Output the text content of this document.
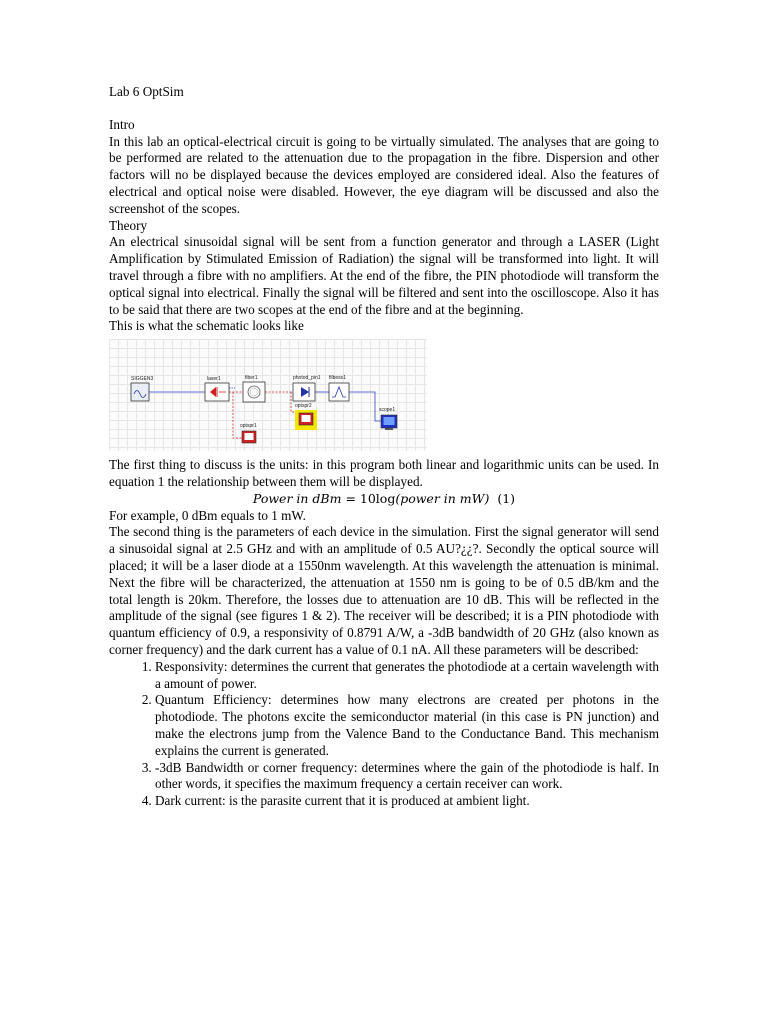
Lab 6 OptSim

Intro

In this lab an optical-electrical circuit is going to be virtually simulated. The analyses that are going to be performed are related to the attenuation due to the propagation in the fibre. Dispersion and other factors will no be displayed because the devices employed are considered ideal. Also the features of electrical and optical noise were disabled. However, the eye diagram will be discussed and also the screenshot of the scopes.

Theory

An electrical sinusoidal signal will be sent from a function generator and through a LASER (Light Amplification by Stimulated Emission of Radiation) the signal will be transformed into light. It will travel through a fibre with no amplifiers. At the end of the fibre, the PIN photodiode will transform the optical signal into electrical. Finally the signal will be filtered and sent into the oscilloscope. Also it has to be said that there are two scopes at the end of the fibre and at the beginning.

This is what the schematic looks like

SIGGEN3	laser1	fiber1	photod_pin1 filbess1
optspr2
optspr1
scope1

The first thing to discuss is the units: in this program both linear and logarithmic units can be used. In equation 1 the relationship between them will be displayed.

Power in dBm = 10log(power in mW) (1)

For example, 0 dBm equals to 1 mW.

The second thing is the parameters of each device in the simulation. First the signal generator will send a sinusoidal signal at 2.5 GHz and with an amplitude of 0.5 AU?¿¿?. Secondly the optical source will placed; it will be a laser diode at a 1550nm wavelength. At this wavelength the attenuation is minimal. Next the fibre will be characterized, the attenuation at 1550 nm is going to be of 0.5 dB/km and the total length is 20km. Therefore, the losses due to attenuation are 10 dB. This will be reflected in the amplitude of the signal (see figures 1 & 2). The receiver will be described; it is a PIN photodiode with quantum efficiency of 0.9, a responsivity of 0.8791 A/W, a -3dB bandwidth of 20 GHz (also known as corner frequency) and the dark current has a value of 0.1 nA. All these parameters will be described:

1. Responsivity: determines the current that generates the photodiode at a certain wavelength with a amount of power.
2. Quantum Efficiency: determines how many electrons are created per photons in the photodiode. The photons excite the semiconductor material (in this case is PN junction) and make the electrons jump from the Valence Band to the Conductance Band. This mechanism explains the current is generated.
3. -3dB Bandwidth or corner frequency: determines where the gain of the photodiode is half. In other words, it specifies the maximum frequency a certain receiver can work.
4. Dark current: is the parasite current that it is produced at ambient light.
